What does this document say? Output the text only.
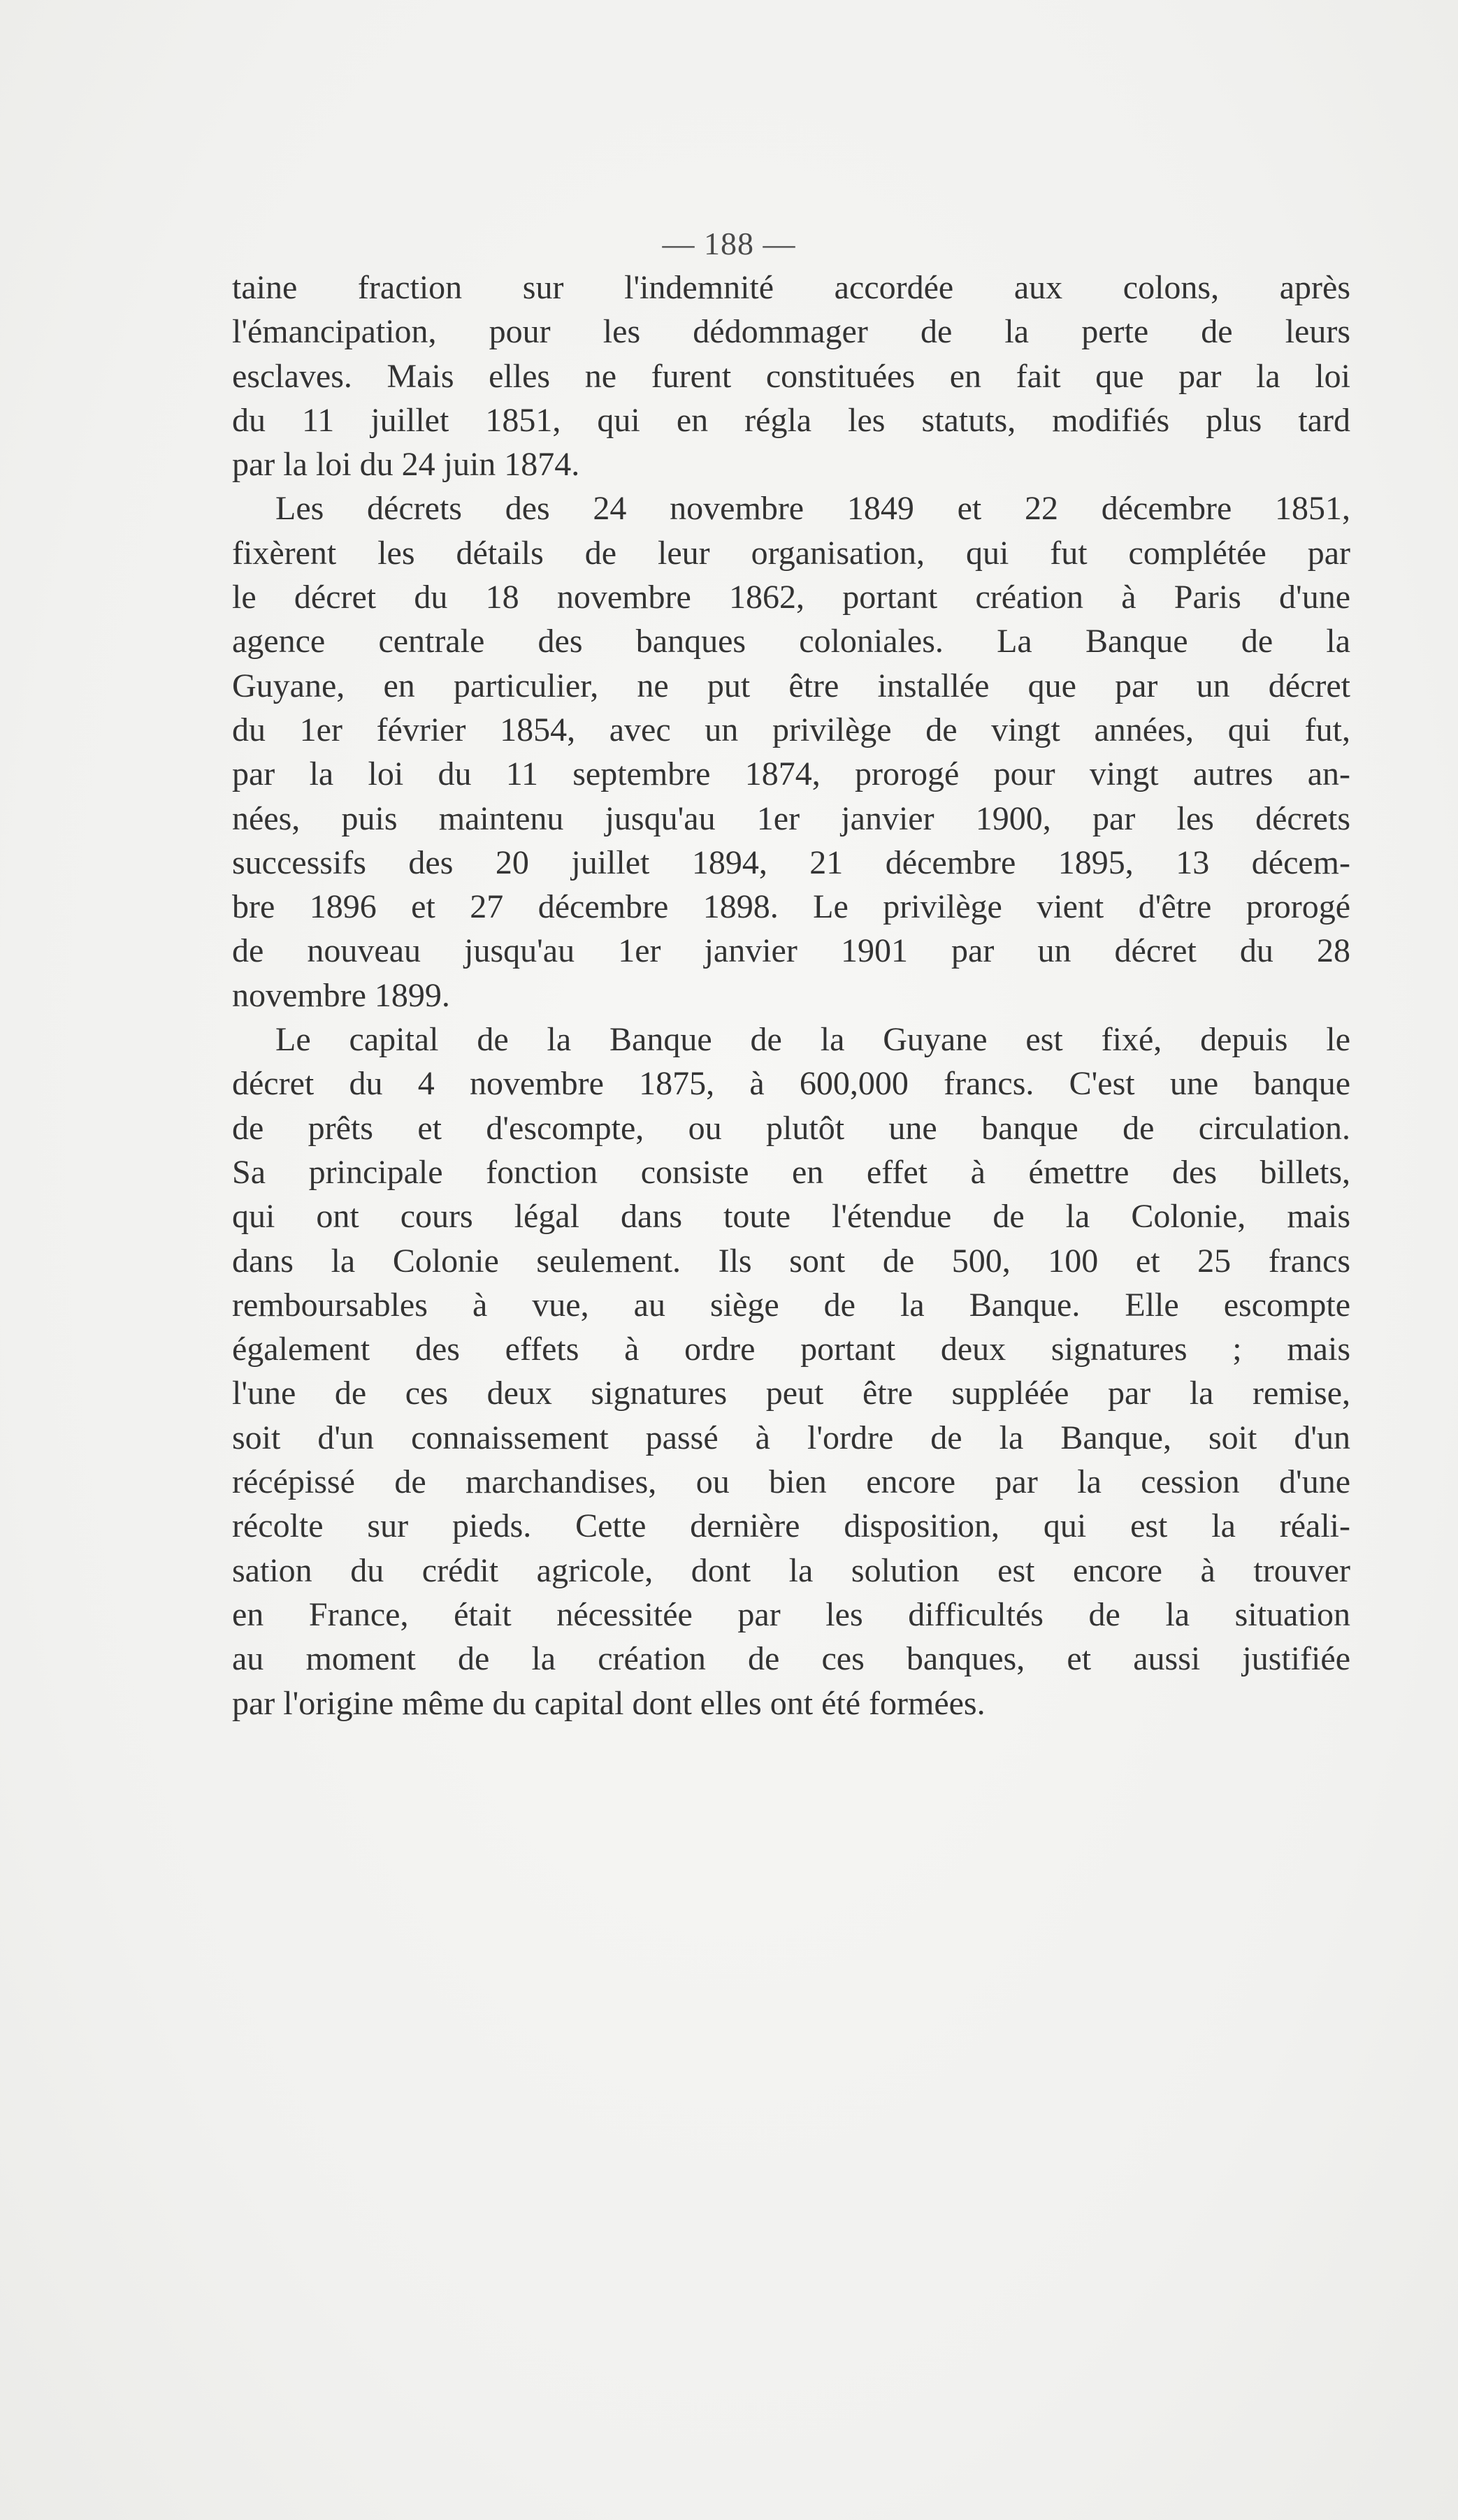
— 188 —
taine fraction sur l'indemnité accordée aux colons, après
l'émancipation, pour les dédommager de la perte de leurs
esclaves. Mais elles ne furent constituées en fait que par la loi
du 11 juillet 1851, qui en régla les statuts, modifiés plus tard
par la loi du 24 juin 1874.
Les décrets des 24 novembre 1849 et 22 décembre 1851,
fixèrent les détails de leur organisation, qui fut complétée par
le décret du 18 novembre 1862, portant création à Paris d'une
agence centrale des banques coloniales. La Banque de la
Guyane, en particulier, ne put être installée que par un décret
du 1er février 1854, avec un privilège de vingt années, qui fut,
par la loi du 11 septembre 1874, prorogé pour vingt autres an-
nées, puis maintenu jusqu'au 1er janvier 1900, par les décrets
successifs des 20 juillet 1894, 21 décembre 1895, 13 décem-
bre 1896 et 27 décembre 1898. Le privilège vient d'être prorogé
de nouveau jusqu'au 1er janvier 1901 par un décret du 28
novembre 1899.
Le capital de la Banque de la Guyane est fixé, depuis le
décret du 4 novembre 1875, à 600,000 francs. C'est une banque
de prêts et d'escompte, ou plutôt une banque de circulation.
Sa principale fonction consiste en effet à émettre des billets,
qui ont cours légal dans toute l'étendue de la Colonie, mais
dans la Colonie seulement. Ils sont de 500, 100 et 25 francs
remboursables à vue, au siège de la Banque. Elle escompte
également des effets à ordre portant deux signatures ; mais
l'une de ces deux signatures peut être suppléée par la remise,
soit d'un connaissement passé à l'ordre de la Banque, soit d'un
récépissé de marchandises, ou bien encore par la cession d'une
récolte sur pieds. Cette dernière disposition, qui est la réali-
sation du crédit agricole, dont la solution est encore à trouver
en France, était nécessitée par les difficultés de la situation
au moment de la création de ces banques, et aussi justifiée
par l'origine même du capital dont elles ont été formées.
